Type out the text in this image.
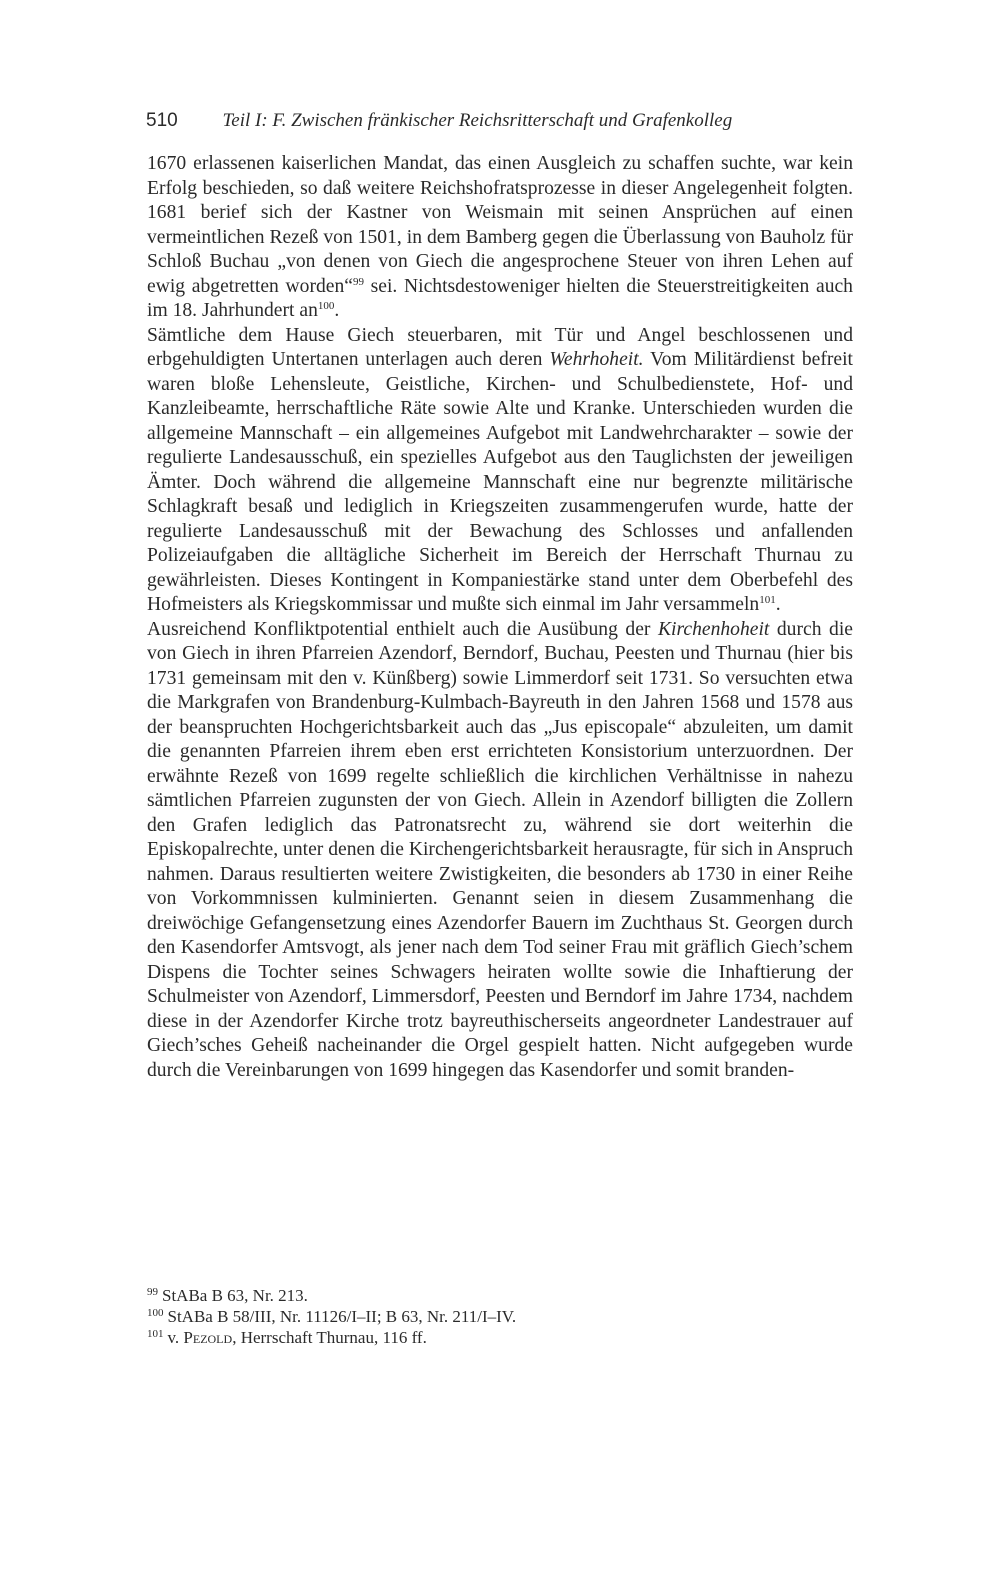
510 Teil I: F. Zwischen fränkischer Reichsritterschaft und Grafenkolleg

1670 erlassenen kaiserlichen Mandat, das einen Ausgleich zu schaffen suchte, war kein Erfolg beschieden, so daß weitere Reichshofratsprozesse in dieser Angelegenheit folgten. 1681 berief sich der Kastner von Weismain mit seinen Ansprüchen auf einen vermeintlichen Rezeß von 1501, in dem Bamberg gegen die Überlassung von Bauholz für Schloß Buchau „von denen von Giech die angesprochene Steuer von ihren Lehen auf ewig abgetretten worden“$^{99}$ sei. Nichtsdestoweniger hielten die Steuerstreitigkeiten auch im 18. Jahrhundert $an^{100}$.

Sämtliche dem Hause Giech steuerbaren, mit Tür und Angel beschlossenen und erbgehuldigten Untertanen unterlagen auch deren Wehrhoheit. Vom Militärdienst befreit waren bloße Lehensleute, Geistliche, Kirchen- und Schulbedienstete, Hof- und Kanzleibeamte, herrschaftliche Räte sowie Alte und Kranke. Unterschieden wurden die allgemeine Mannschaft – ein allgemeines Aufgebot mit Landwehrcharakter – sowie der regulierte Landesausschuß, ein spezielles Aufgebot aus den Tauglichsten der jeweiligen Ämter. Doch während die allgemeine Mannschaft eine nur begrenzte militärische Schlagkraft besaß und lediglich in Kriegszeiten zusammengerufen wurde, hatte der regulierte Landesausschuß mit der Bewachung des Schlosses und anfallenden Polizeiaufgaben die alltägliche Sicherheit im Bereich der Herrschaft Thurnau zu gewährleisten. Dieses Kontingent in Kompaniestärke stand unter dem Oberbefehl des Hofmeisters als Kriegskommissar und mußte sich einmal im Jahr versammeln$^{101}$.

Ausreichend Konfliktpotential enthielt auch die Ausübung der Kirchenhoheit durch die von Giech in ihren Pfarreien Azendorf, Berndorf, Buchau, Peesten und Thurnau (hier bis 1731 gemeinsam mit den v. Künßberg) sowie Limmerdorf seit 1731. So versuchten etwa die Markgrafen von Brandenburg-Kulmbach-Bayreuth in den Jahren 1568 und 1578 aus der beanspruchten Hochgerichtsbarkeit auch das „Jus episcopale“ abzuleiten, um damit die genannten Pfarreien ihrem eben erst errichteten Konsistorium unterzuordnen. Der erwähnte Rezeß von 1699 regelte schließlich die kirchlichen Verhältnisse in nahezu sämtlichen Pfarreien zugunsten der von Giech. Allein in Azendorf billigten die Zollern den Grafen lediglich das Patronatsrecht zu, während sie dort weiterhin die Episkopalrechte, unter denen die Kirchengerichtsbarkeit herausragte, für sich in Anspruch nahmen. Daraus resultierten weitere Zwistigkeiten, die besonders ab 1730 in einer Reihe von Vorkommnissen kulminierten. Genannt seien in diesem Zusammenhang die dreiwöchige Gefangensetzung eines Azendorfer Bauern im Zuchthaus St. Georgen durch den Kasendorfer Amtsvogt, als jener nach dem Tod seiner Frau mit gräflich Giech’schem Dispens die Tochter seines Schwagers heiraten wollte sowie die Inhaftierung der Schulmeister von Azendorf, Limmersdorf, Peesten und Berndorf im Jahre 1734, nachdem diese in der Azendorfer Kirche trotz bayreuthischerseits angeordneter Landestrauer auf Giech’sches Geheiß nacheinander die Orgel gespielt hatten. Nicht aufgegeben wurde durch die Vereinbarungen von 1699 hingegen das Kasendorfer und somit branden-

$^{99}$ StABa B 63, Nr. 213.

$^{100}$ StABa B 58/III, Nr. 11126/I–II; B 63, Nr. 211/I–IV.

$^{101}$ v. Pezold, Herrschaft Thurnau, 116 ff.
